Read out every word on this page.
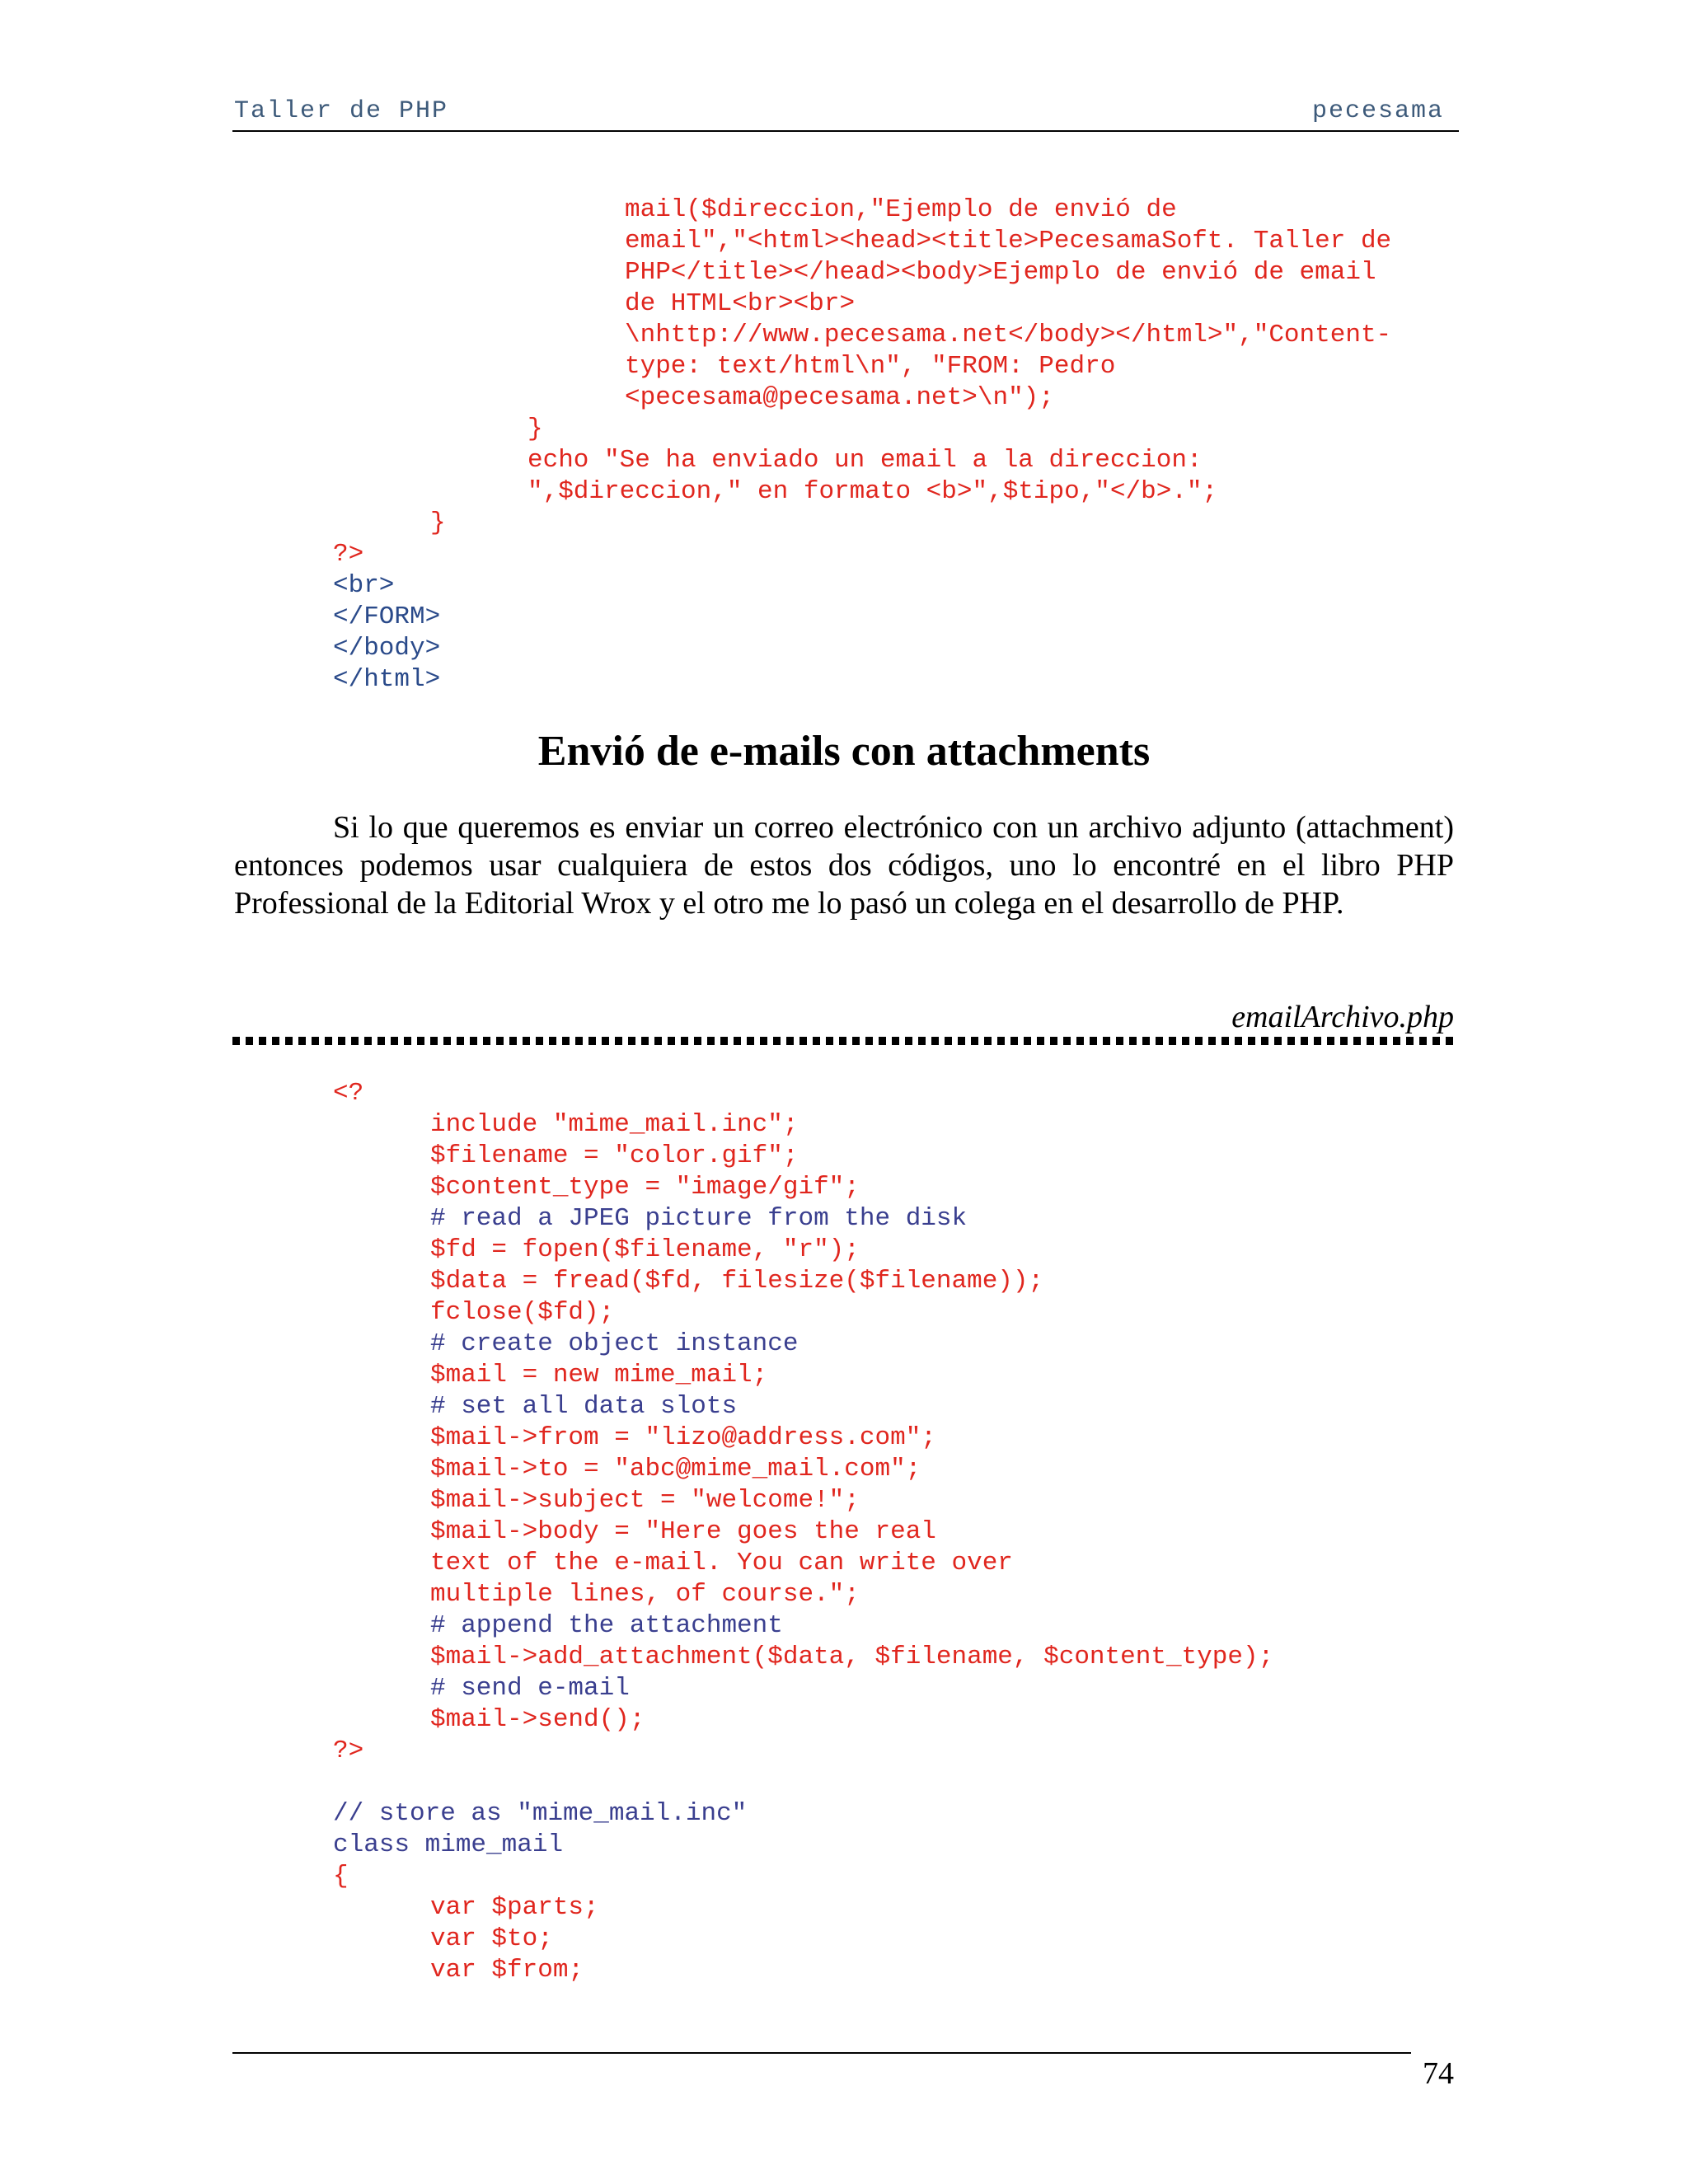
Taller de PHP	pecesama
mail($direccion,"Ejemplo de envió de
email","<html><head><title>PecesamaSoft. Taller de
PHP</title></head><body>Ejemplo de envió de email
de HTML<br><br>
\nhttp://www.pecesama.net</body></html>","Content-
type: text/html\n", "FROM: Pedro
<pecesama@pecesama.net>\n");
}
echo "Se ha enviado un email a la direccion:
",$direccion," en formato <b>",$tipo,"</b>.";
}
?>
<br>
</FORM>
</body>
</html>
Envió de e-mails con attachments
Si lo que queremos es enviar un correo electrónico con un archivo adjunto (attachment) entonces podemos usar cualquiera de estos dos códigos, uno lo encontré en el libro PHP Professional de la Editorial Wrox y el otro me lo pasó un colega en el desarrollo de PHP.
emailArchivo.php
<?
include "mime_mail.inc";
$filename = "color.gif";
$content_type = "image/gif";
# read a JPEG picture from the disk
$fd = fopen($filename, "r");
$data = fread($fd, filesize($filename));
fclose($fd);
# create object instance
$mail = new mime_mail;
# set all data slots
$mail->from = "lizo@address.com";
$mail->to = "abc@mime_mail.com";
$mail->subject = "welcome!";
$mail->body = "Here goes the real
text of the e-mail. You can write over
multiple lines, of course.";
# append the attachment
$mail->add_attachment($data, $filename, $content_type);
# send e-mail
$mail->send();
?>
// store as "mime_mail.inc"
class mime_mail
{
var $parts;
var $to;
var $from;
74
